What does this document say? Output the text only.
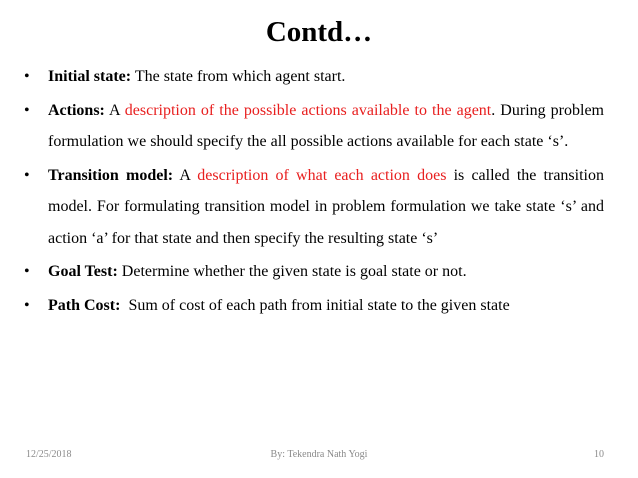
Contd…
• Initial state: The state from which agent start.
• Actions: A description of the possible actions available to the agent. During problem formulation we should specify the all possible actions available for each state ‘s’.
• Transition model: A description of what each action does is called the transition model. For formulating transition model in problem formulation we take state ‘s’ and action ‘a’ for that state and then specify the resulting state ‘s’
• Goal Test: Determine whether the given state is goal state or not.
• Path Cost:  Sum of cost of each path from initial state to the given state
By: Tekendra Nath Yogi
12/25/2018	10
